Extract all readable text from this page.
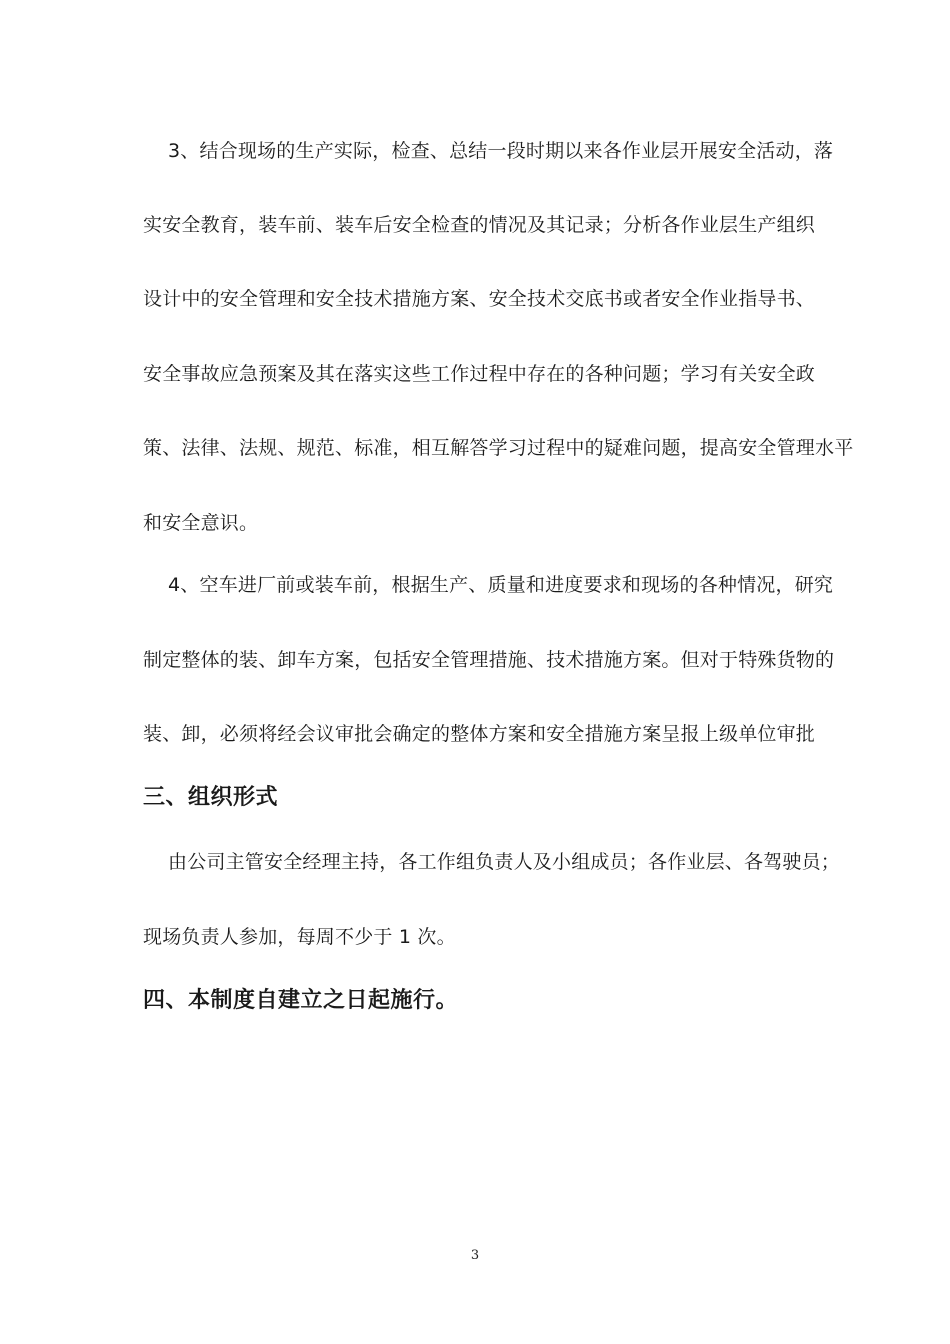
3、结合现场的生产实际，检查、总结一段时期以来各作业层开展安全活动，落
实安全教育，装车前、装车后安全检查的情况及其记录；分析各作业层生产组织
设计中的安全管理和安全技术措施方案、安全技术交底书或者安全作业指导书、
安全事故应急预案及其在落实这些工作过程中存在的各种问题；学习有关安全政
策、法律、法规、规范、标准，相互解答学习过程中的疑难问题，提高安全管理水平
和安全意识。
4、空车进厂前或装车前，根据生产、质量和进度要求和现场的各种情况，研究
制定整体的装、卸车方案，包括安全管理措施、技术措施方案。但对于特殊货物的
装、卸，必须将经会议审批会确定的整体方案和安全措施方案呈报上级单位审批
三、组织形式
由公司主管安全经理主持，各工作组负责人及小组成员；各作业层、各驾驶员；
现场负责人参加，每周不少于 1 次。
四、本制度自建立之日起施行。
3
